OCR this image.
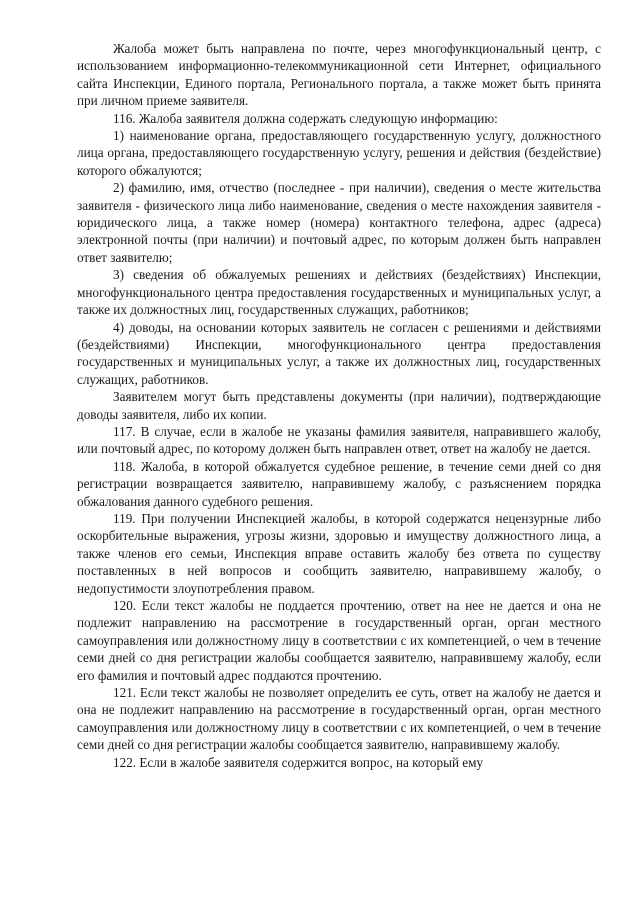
Жалоба может быть направлена по почте, через многофункциональный центр, с использованием информационно-телекоммуникационной сети Интернет, официального сайта Инспекции, Единого портала, Регионального портала, а также может быть принята при личном приеме заявителя.

116. Жалоба заявителя должна содержать следующую информацию:

1) наименование органа, предоставляющего государственную услугу, должностного лица органа, предоставляющего государственную услугу, решения и действия (бездействие) которого обжалуются;

2) фамилию, имя, отчество (последнее - при наличии), сведения о месте жительства заявителя - физического лица либо наименование, сведения о месте нахождения заявителя - юридического лица, а также номер (номера) контактного телефона, адрес (адреса) электронной почты (при наличии) и почтовый адрес, по которым должен быть направлен ответ заявителю;

3) сведения об обжалуемых решениях и действиях (бездействиях) Инспекции, многофункционального центра предоставления государственных и муниципальных услуг, а также их должностных лиц, государственных служащих, работников;

4) доводы, на основании которых заявитель не согласен с решениями и действиями (бездействиями) Инспекции, многофункционального центра предоставления государственных и муниципальных услуг, а также их должностных лиц, государственных служащих, работников.

Заявителем могут быть представлены документы (при наличии), подтверждающие доводы заявителя, либо их копии.

117. В случае, если в жалобе не указаны фамилия заявителя, направившего жалобу, или почтовый адрес, по которому должен быть направлен ответ, ответ на жалобу не дается.

118. Жалоба, в которой обжалуется судебное решение, в течение семи дней со дня регистрации возвращается заявителю, направившему жалобу, с разъяснением порядка обжалования данного судебного решения.

119. При получении Инспекцией жалобы, в которой содержатся нецензурные либо оскорбительные выражения, угрозы жизни, здоровью и имуществу должностного лица, а также членов его семьи, Инспекция вправе оставить жалобу без ответа по существу поставленных в ней вопросов и сообщить заявителю, направившему жалобу, о недопустимости злоупотребления правом.

120. Если текст жалобы не поддается прочтению, ответ на нее не дается и она не подлежит направлению на рассмотрение в государственный орган, орган местного самоуправления или должностному лицу в соответствии с их компетенцией, о чем в течение семи дней со дня регистрации жалобы сообщается заявителю, направившему жалобу, если его фамилия и почтовый адрес поддаются прочтению.

121. Если текст жалобы не позволяет определить ее суть, ответ на жалобу не дается и она не подлежит направлению на рассмотрение в государственный орган, орган местного самоуправления или должностному лицу в соответствии с их компетенцией, о чем в течение семи дней со дня регистрации жалобы сообщается заявителю, направившему жалобу.

122. Если в жалобе заявителя содержится вопрос, на который ему
